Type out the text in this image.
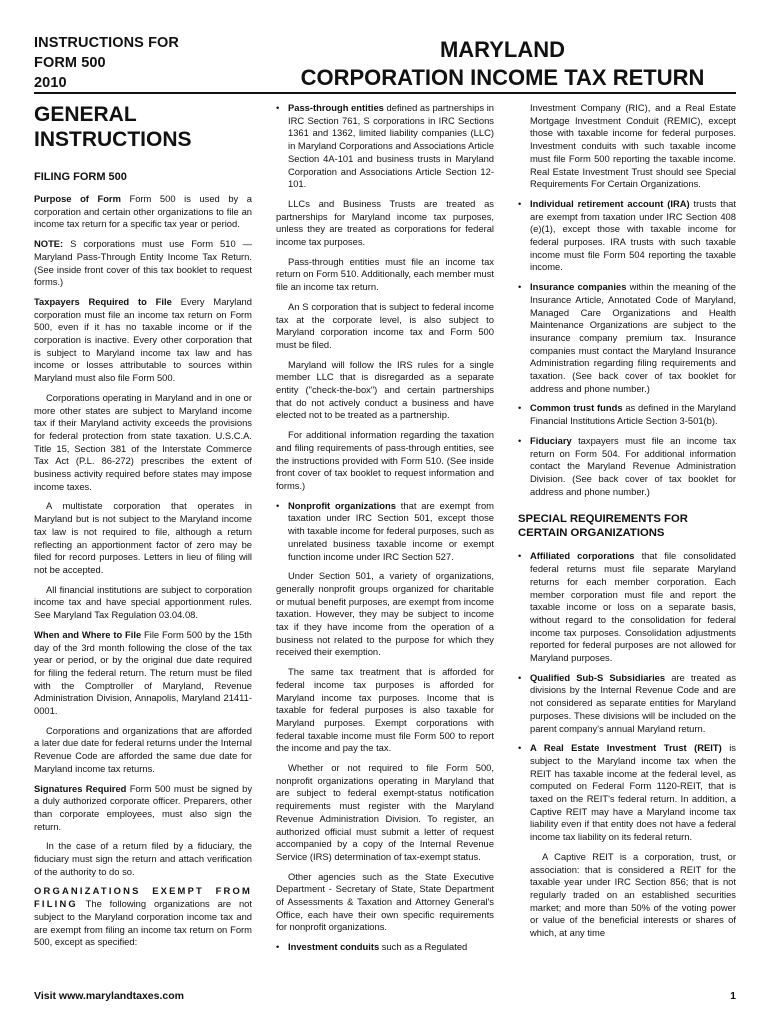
INSTRUCTIONS FOR
FORM 500
2010
MARYLAND
CORPORATION INCOME TAX RETURN
GENERAL
INSTRUCTIONS
FILING FORM 500

Purpose of Form Form 500 is used by a corporation and certain other organizations to file an income tax return for a specific tax year or period.

NOTE: S corporations must use Form 510 — Maryland Pass-Through Entity Income Tax Return. (See inside front cover of this tax booklet to request forms.)

Taxpayers Required to File Every Maryland corporation must file an income tax return on Form 500, even if it has no taxable income or if the corporation is inactive. Every other corporation that is subject to Maryland income tax law and has income or losses attributable to sources within Maryland must also file Form 500.

Corporations operating in Maryland and in one or more other states are subject to Maryland income tax if their Maryland activity exceeds the provisions for federal protection from state taxation. U.S.C.A. Title 15, Section 381 of the Interstate Commerce Tax Act (P.L. 86-272) prescribes the extent of business activity required before states may impose income taxes.

A multistate corporation that operates in Maryland but is not subject to the Maryland income tax law is not required to file, although a return reflecting an apportionment factor of zero may be filed for record purposes. Letters in lieu of filing will not be accepted.

All financial institutions are subject to corporation income tax and have special apportionment rules. See Maryland Tax Regulation 03.04.08.

When and Where to File File Form 500 by the 15th day of the 3rd month following the close of the tax year or period, or by the original due date required for filing the federal return. The return must be filed with the Comptroller of Maryland, Revenue Administration Division, Annapolis, Maryland 21411-0001.

Corporations and organizations that are afforded a later due date for federal returns under the Internal Revenue Code are afforded the same due date for Maryland income tax returns.

Signatures Required Form 500 must be signed by a duly authorized corporate officer. Preparers, other than corporate employees, must also sign the return.

In the case of a return filed by a fiduciary, the fiduciary must sign the return and attach verification of the authority to do so.

ORGANIZATIONS EXEMPT FROM FILING The following organizations are not subject to the Maryland corporation income tax and are exempt from filing an income tax return on Form 500, except as specified:

• Pass-through entities defined as partnerships in IRC Section 761, S corporations in IRC Sections 1361 and 1362, limited liability companies (LLC) in Maryland Corporations and Associations Article Section 4A-101 and business trusts in Maryland Corporation and Associations Article Section 12-101.

LLCs and Business Trusts are treated as partnerships for Maryland income tax purposes, unless they are treated as corporations for federal income tax purposes.

Pass-through entities must file an income tax return on Form 510. Additionally, each member must file an income tax return.

An S corporation that is subject to federal income tax at the corporate level, is also subject to Maryland corporation income tax and Form 500 must be filed.

Maryland will follow the IRS rules for a single member LLC that is disregarded as a separate entity ("check-the-box") and certain partnerships that do not actively conduct a business and have elected not to be treated as a partnership.

For additional information regarding the taxation and filing requirements of pass-through entities, see the instructions provided with Form 510. (See inside front cover of tax booklet to request information and forms.)

• Nonprofit organizations that are exempt from taxation under IRC Section 501, except those with taxable income for federal purposes, such as unrelated business taxable income or exempt function income under IRC Section 527.

Under Section 501, a variety of organizations, generally nonprofit groups organized for charitable or mutual benefit purposes, are exempt from income taxation. However, they may be subject to income tax if they have income from the operation of a business not related to the purpose for which they received their exemption.

The same tax treatment that is afforded for federal income tax purposes is afforded for Maryland income tax purposes. Income that is taxable for federal purposes is also taxable for Maryland purposes. Exempt corporations with federal taxable income must file Form 500 to report the income and pay the tax.

Whether or not required to file Form 500, nonprofit organizations operating in Maryland that are subject to federal exempt-status notification requirements must register with the Maryland Revenue Administration Division. To register, an authorized official must submit a letter of request accompanied by a copy of the Internal Revenue Service (IRS) determination of tax-exempt status.

Other agencies such as the State Executive Department - Secretary of State, State Department of Assessments & Taxation and Attorney General's Office, each have their own specific requirements for nonprofit organizations.

• Investment conduits such as a Regulated

Investment Company (RIC), and a Real Estate Mortgage Investment Conduit (REMIC), except those with taxable income for federal purposes. Investment conduits with such taxable income must file Form 500 reporting the taxable income. Real Estate Investment Trust should see Special Requirements For Certain Organizations.

• Individual retirement account (IRA) trusts that are exempt from taxation under IRC Section 408 (e)(1), except those with taxable income for federal purposes. IRA trusts with such taxable income must file Form 504 reporting the taxable income.
• Insurance companies within the meaning of the Insurance Article, Annotated Code of Maryland, Managed Care Organizations and Health Maintenance Organizations are subject to the insurance company premium tax. Insurance companies must contact the Maryland Insurance Administration regarding filing requirements and taxation. (See back cover of tax booklet for address and phone number.)
• Common trust funds as defined in the Maryland Financial Institutions Article Section 3-501(b).
• Fiduciary taxpayers must file an income tax return on Form 504. For additional information contact the Maryland Revenue Administration Division. (See back cover of tax booklet for address and phone number.)
SPECIAL REQUIREMENTS FOR
CERTAIN ORGANIZATIONS
• Affiliated corporations that file consolidated federal returns must file separate Maryland returns for each member corporation. Each member corporation must file and report the taxable income or loss on a separate basis, without regard to the consolidation for federal income tax purposes. Consolidation adjustments reported for federal purposes are not allowed for Maryland purposes.
• Qualified Sub-S Subsidiaries are treated as divisions by the Internal Revenue Code and are not considered as separate entities for Maryland purposes. These divisions will be included on the parent company's annual Maryland return.
• A Real Estate Investment Trust (REIT) is subject to the Maryland income tax when the REIT has taxable income at the federal level, as computed on Federal Form 1120-REIT, that is taxed on the REIT's federal return. In addition, a Captive REIT may have a Maryland income tax liability even if that entity does not have a federal income tax liability on its federal return.

A Captive REIT is a corporation, trust, or association: that is considered a REIT for the taxable year under IRC Section 856; that is not regularly traded on an established securities market; and more than 50% of the voting power or value of the beneficial interests or shares of which, at any time

Visit www.marylandtaxes.com	1
